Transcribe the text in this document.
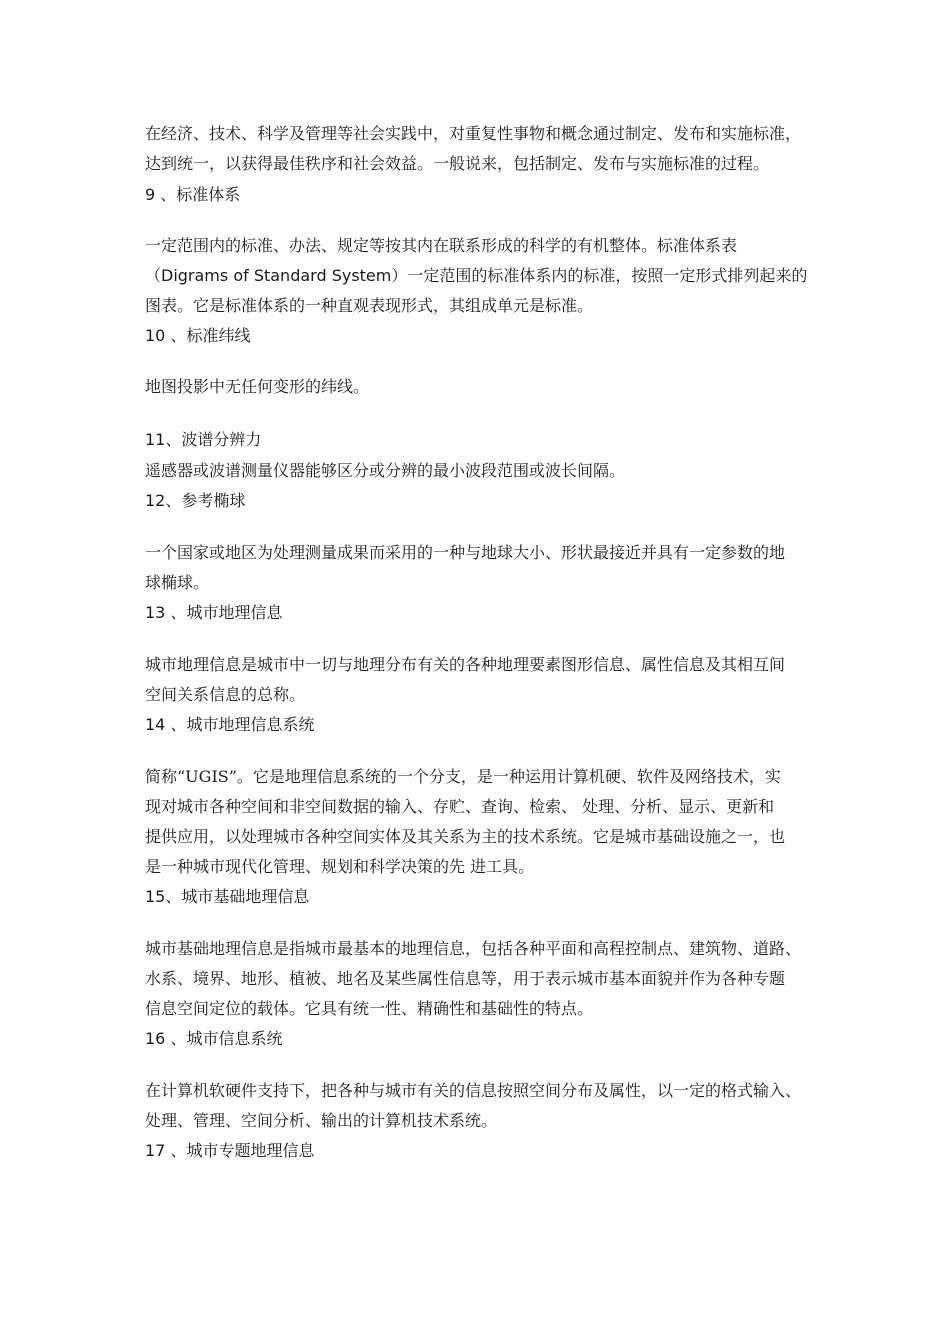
在经济、技术、科学及管理等社会实践中，对重复性事物和概念通过制定、发布和实施标准，

达到统一，以获得最佳秩序和社会效益。一般说来，包括制定、发布与实施标准的过程。

9 、标准体系

一定范围内的标准、办法、规定等按其内在联系形成的科学的有机整体。标准体系表

（Digrams of Standard System）一定范围的标准体系内的标准，按照一定形式排列起来的

图表。它是标准体系的一种直观表现形式，其组成单元是标准。

10 、标准纬线

地图投影中无任何变形的纬线。

11、波谱分辨力

遥感器或波谱测量仪器能够区分或分辨的最小波段范围或波长间隔。

12、参考椭球

一个国家或地区为处理测量成果而采用的一种与地球大小、形状最接近并具有一定参数的地

球椭球。

13 、城市地理信息

城市地理信息是城市中一切与地理分布有关的各种地理要素图形信息、属性信息及其相互间

空间关系信息的总称。

14 、城市地理信息系统

简称“UGIS”。它是地理信息系统的一个分支，是一种运用计算机硬、软件及网络技术，实

现对城市各种空间和非空间数据的输入、存贮、查询、检索、 处理、分析、显示、更新和

提供应用，以处理城市各种空间实体及其关系为主的技术系统。它是城市基础设施之一，也

是一种城市现代化管理、规划和科学决策的先 进工具。

15、城市基础地理信息

城市基础地理信息是指城市最基本的地理信息，包括各种平面和高程控制点、建筑物、道路、

水系、境界、地形、植被、地名及某些属性信息等，用于表示城市基本面貌并作为各种专题

信息空间定位的载体。它具有统一性、精确性和基础性的特点。

16 、城市信息系统

在计算机软硬件支持下，把各种与城市有关的信息按照空间分布及属性，以一定的格式输入、

处理、管理、空间分析、输出的计算机技术系统。

17 、城市专题地理信息
